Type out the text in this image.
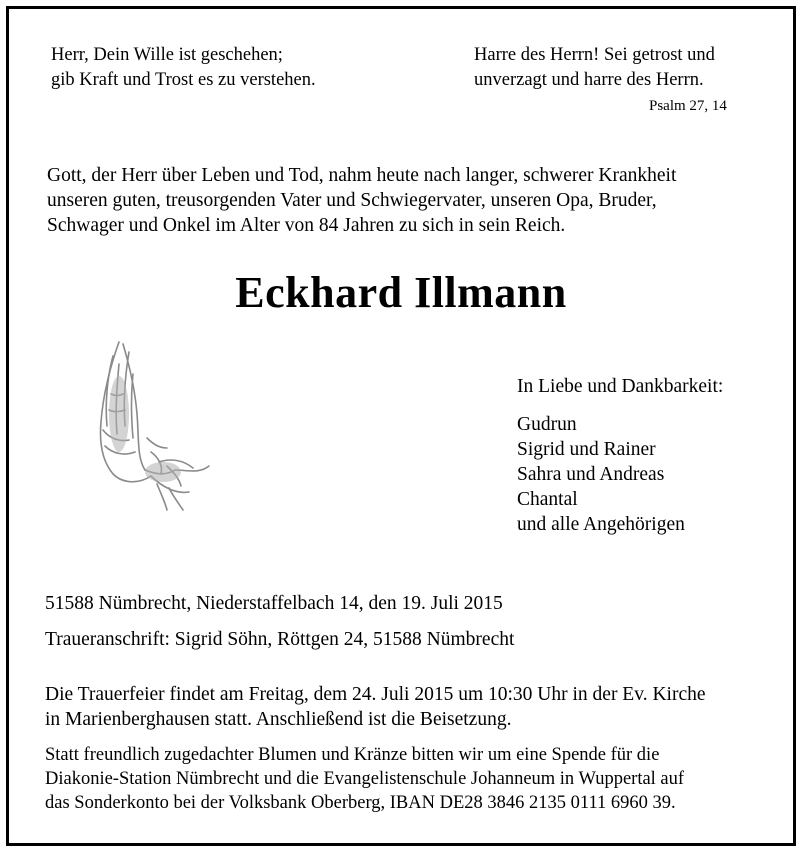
Herr, Dein Wille ist geschehen;
gib Kraft und Trost es zu verstehen.
Harre des Herrn! Sei getrost und
unverzagt und harre des Herrn.
Psalm 27, 14
Gott, der Herr über Leben und Tod, nahm heute nach langer, schwerer Krankheit
unseren guten, treusorgenden Vater und Schwiegervater, unseren Opa, Bruder,
Schwager und Onkel im Alter von 84 Jahren zu sich in sein Reich.
Eckhard Illmann
In Liebe und Dankbarkeit:
Gudrun
Sigrid und Rainer
Sahra und Andreas
Chantal
und alle Angehörigen
51588 Nümbrecht, Niederstaffelbach 14, den 19. Juli 2015
Traueranschrift: Sigrid Söhn, Röttgen 24, 51588 Nümbrecht
Die Trauerfeier findet am Freitag, dem 24. Juli 2015 um 10:30 Uhr in der Ev. Kirche
in Marienberghausen statt. Anschließend ist die Beisetzung.
Statt freundlich zugedachter Blumen und Kränze bitten wir um eine Spende für die
Diakonie-Station Nümbrecht und die Evangelistenschule Johanneum in Wuppertal auf
das Sonderkonto bei der Volksbank Oberberg, IBAN DE28 3846 2135 0111 6960 39.
